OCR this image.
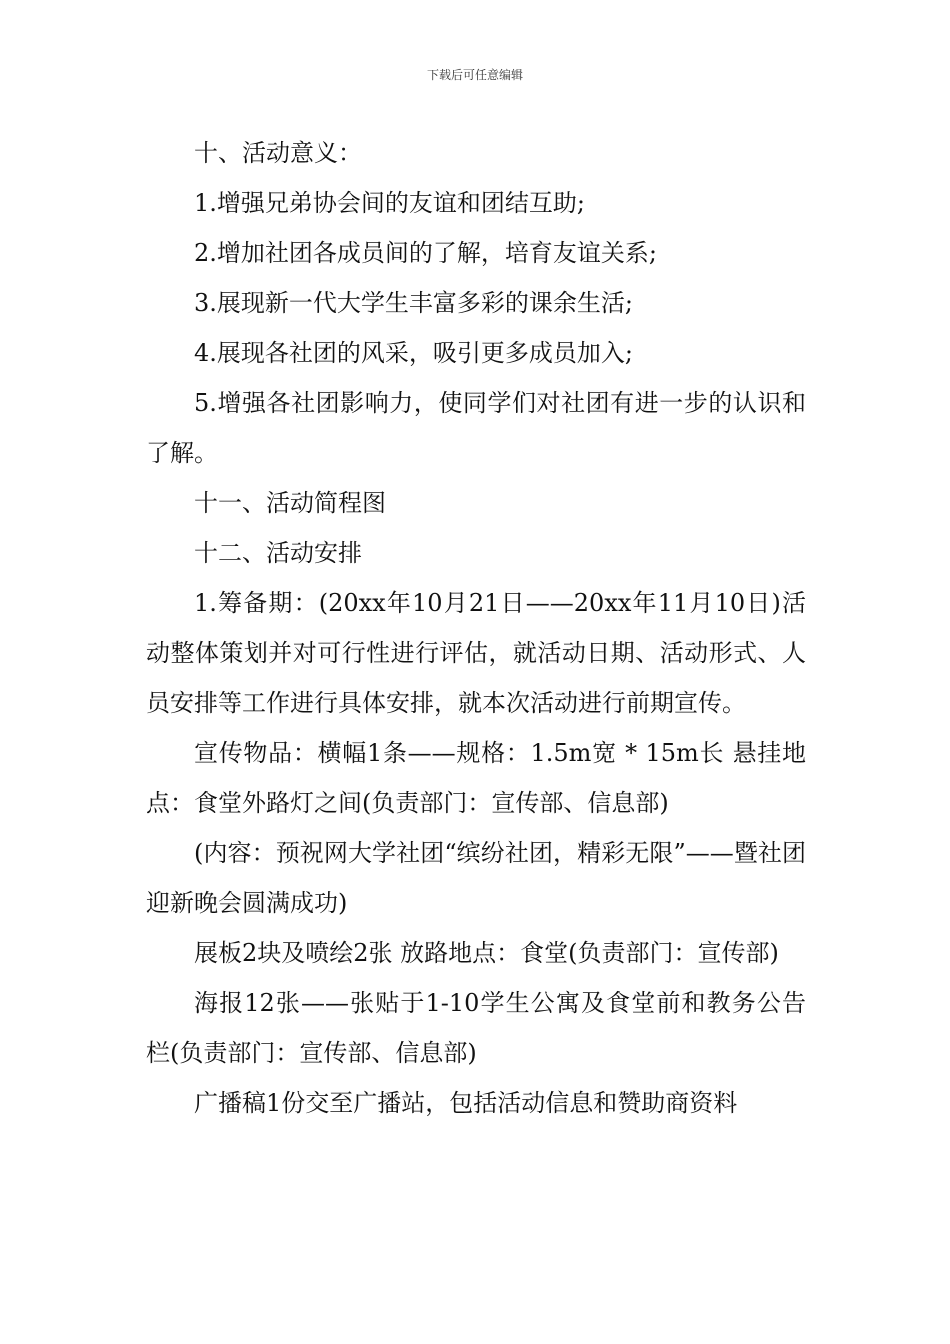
下载后可任意编辑

十、活动意义：

1.增强兄弟协会间的友谊和团结互助;

2.增加社团各成员间的了解，培育友谊关系;

3.展现新一代大学生丰富多彩的课余生活;

4.展现各社团的风采，吸引更多成员加入;

5.增强各社团影响力，使同学们对社团有进一步的认识和了解。

十一、活动简程图

十二、活动安排

1.筹备期：(20xx年10月21日——20xx年11月10日)活动整体策划并对可行性进行评估，就活动日期、活动形式、人员安排等工作进行具体安排，就本次活动进行前期宣传。

宣传物品：横幅1条——规格：1.5m宽 * 15m长 悬挂地点：食堂外路灯之间(负责部门：宣传部、信息部)

(内容：预祝网大学社团“缤纷社团，精彩无限”——暨社团迎新晚会圆满成功)

展板2块及喷绘2张 放路地点：食堂(负责部门：宣传部)

海报12张——张贴于1-10学生公寓及食堂前和教务公告栏(负责部门：宣传部、信息部)

广播稿1份交至广播站，包括活动信息和赞助商资料
